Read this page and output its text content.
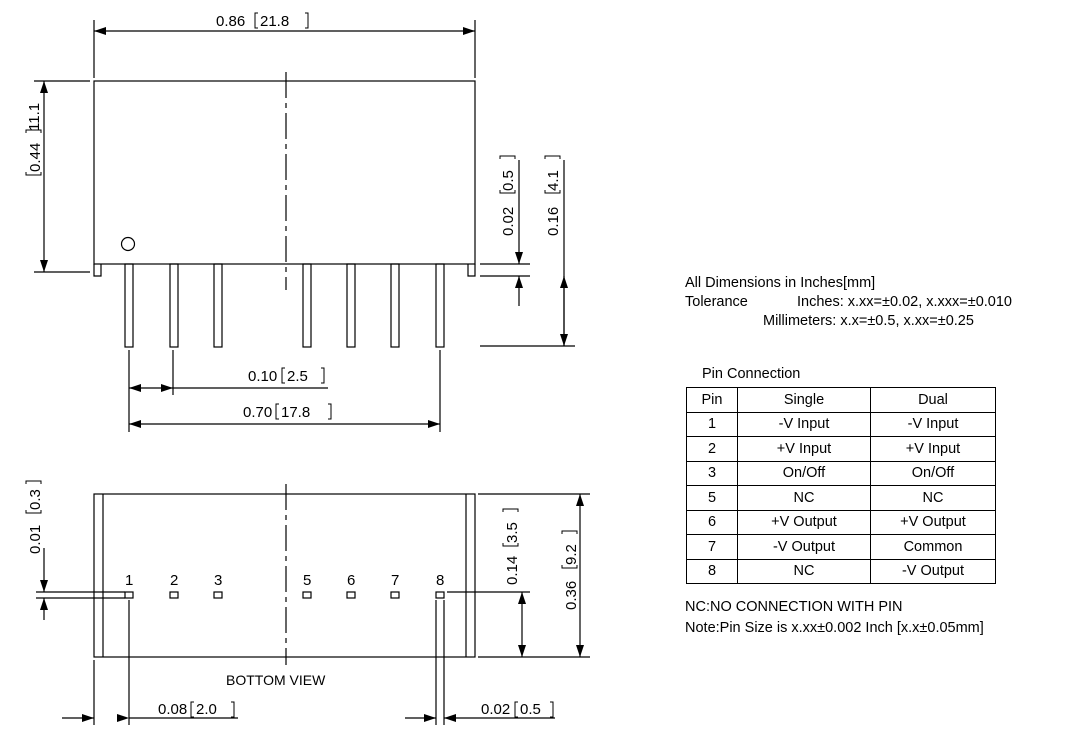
0.86 21.8
0.44
11.1
0.02
0.5
0.16
4.1
0.10 2.5
0.70 17.8
0.01
0.3
0.14
3.5
0.36
9.2
0.08 2.0	0.02 0.5
BOTTOM VIEW
1 2 3	5 6 7 8
All Dimensions in Inches[mm]
Tolerance	Inches: x.xx=±0.02, x.xxx=±0.010
Millimeters: x.x=±0.5, x.xx=±0.25
Pin Connection
Pin	Single	Dual
1	-V Input	-V Input
2	+V Input	+V Input
3	On/Off	On/Off
5	NC	NC
6	+V Output	+V Output
7	-V Output	Common
8	NC	-V Output
NC:NO CONNECTION WITH PIN
Note:Pin Size is x.xx±0.002 Inch [x.x±0.05mm]
